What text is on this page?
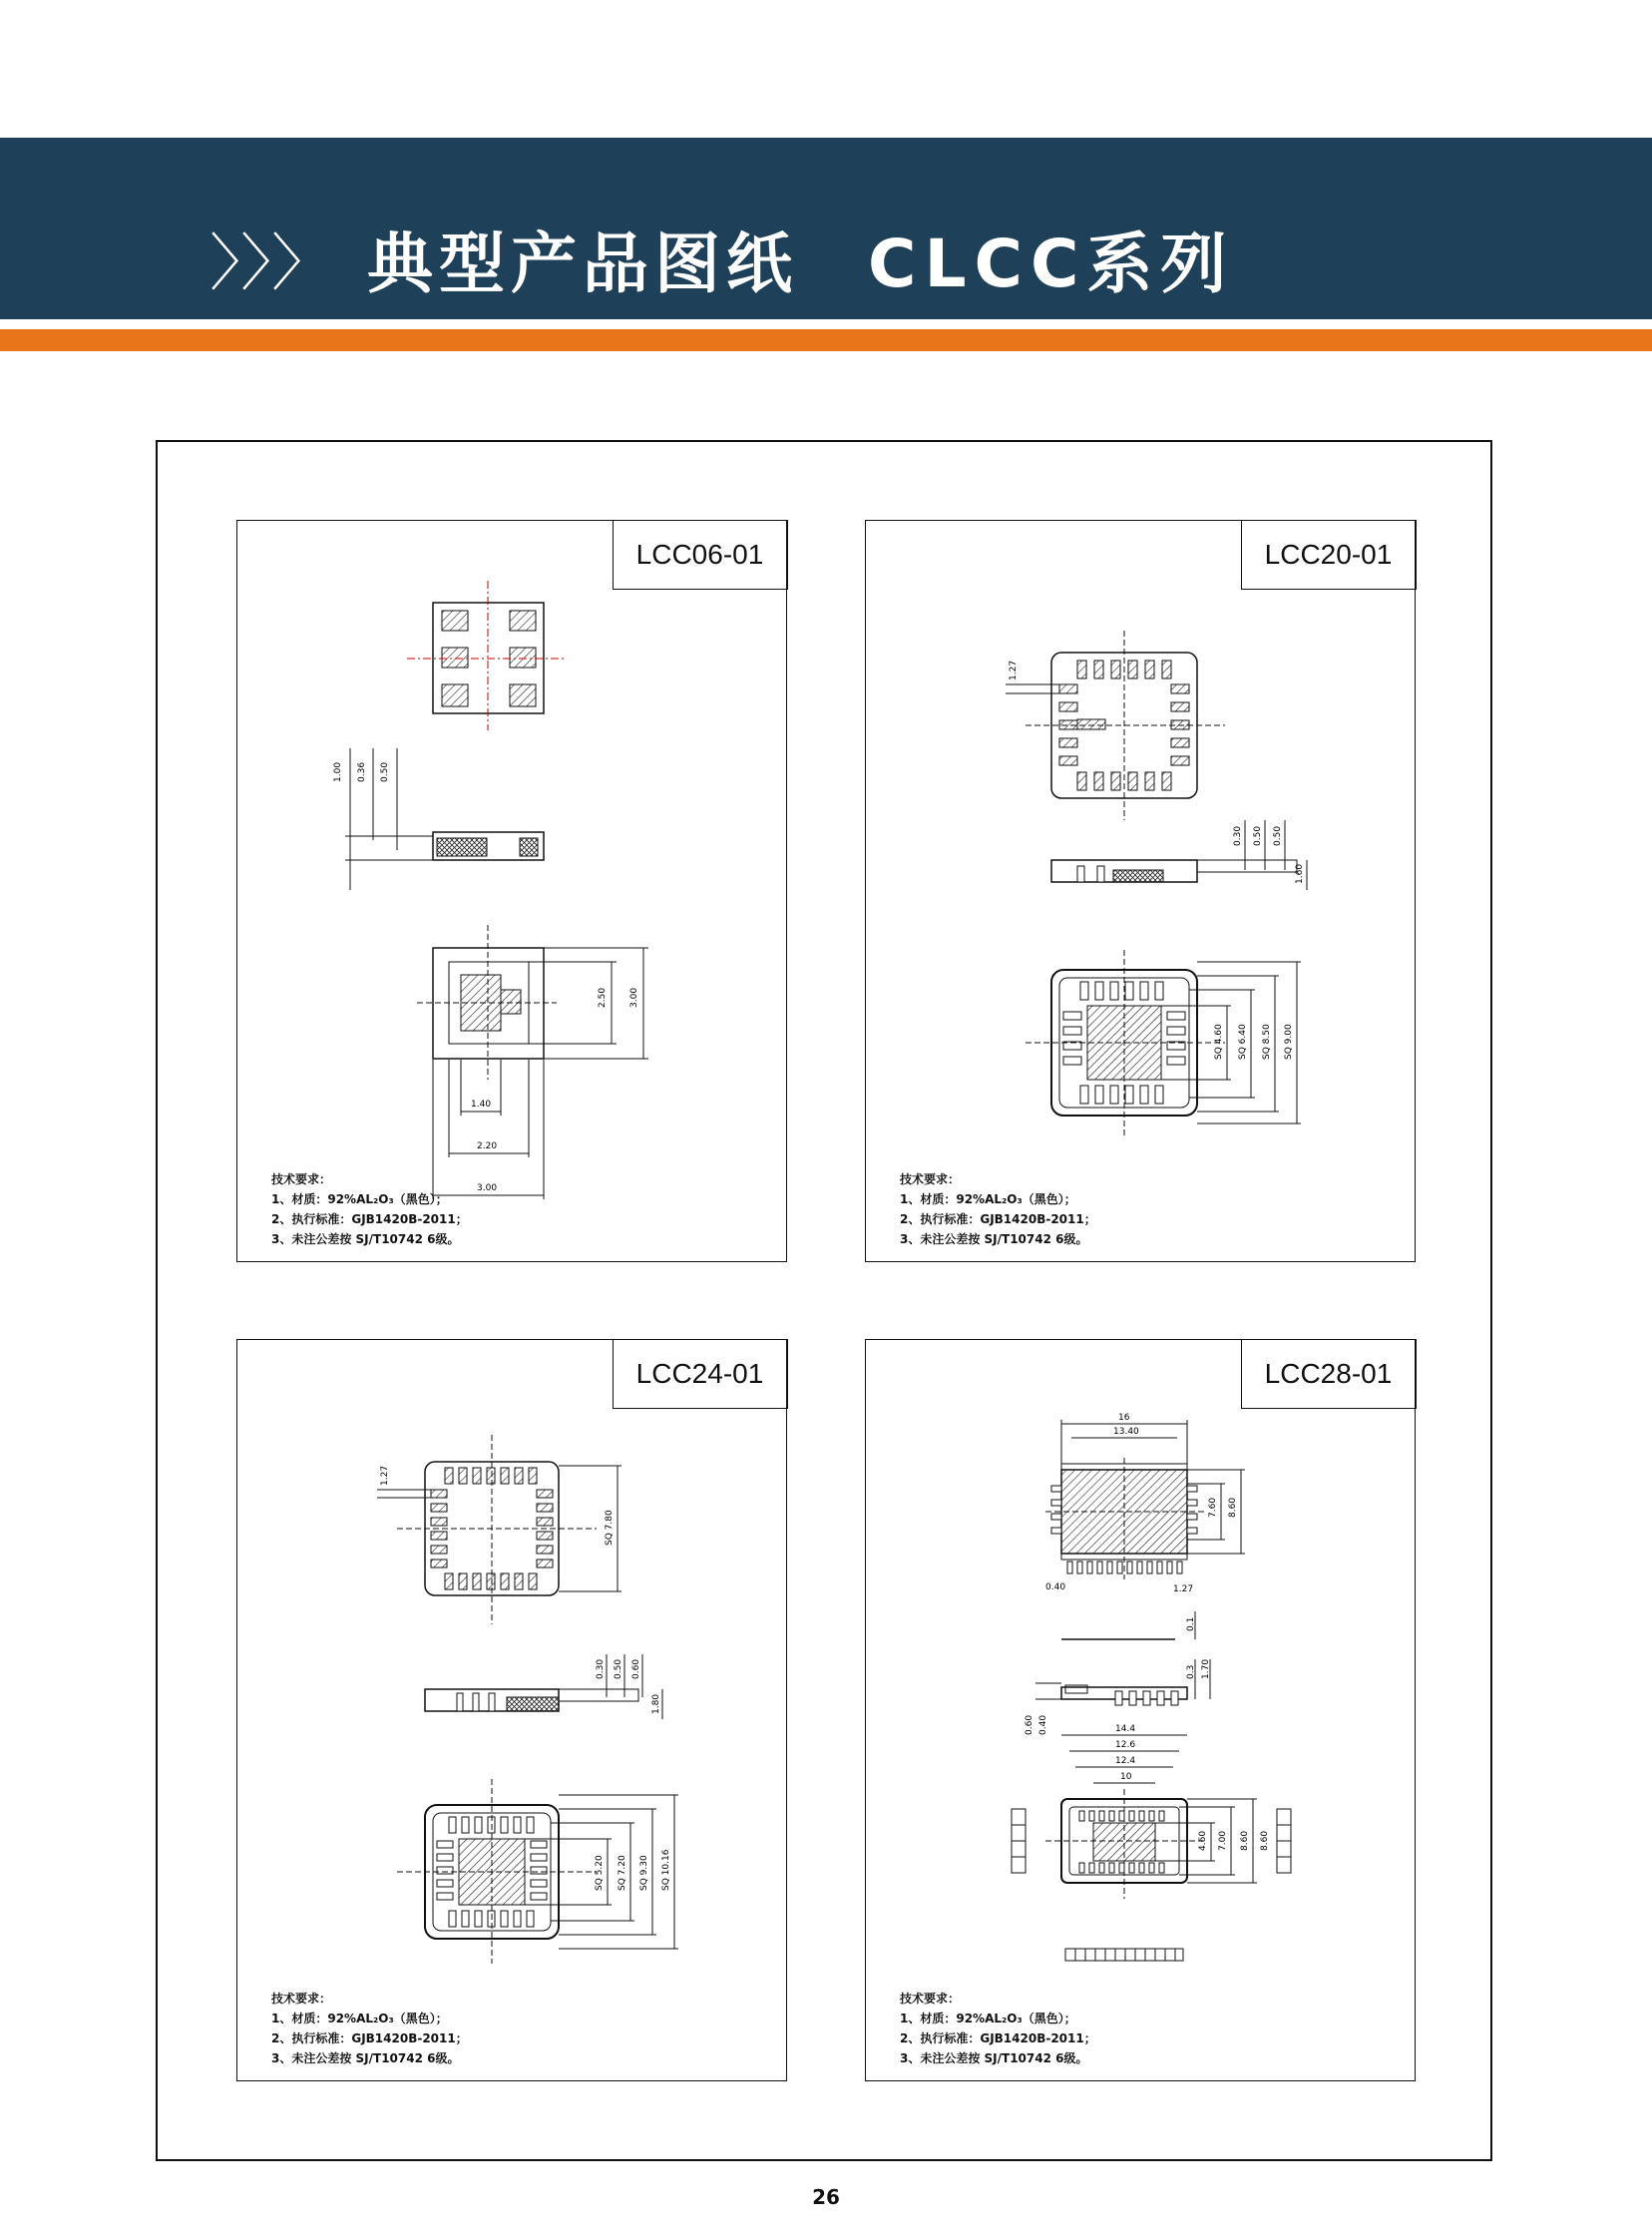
〉〉〉 典型产品图纸 CLCC系列
1.00 0.36 0.50
2.50 3.00
1.40
2.20
3.00
LCC06-01
技术要求：
1、材质：92%AL₂O₃（黑色）；
2、执行标准：GJB1420B-2011；
3、未注公差按 SJ/T10742 6级。
1.27
0.30 0.50 0.50
1.60
SQ 4.60 SQ 6.40 SQ 8.50 SQ 9.00
LCC20-01
技术要求：
1、材质：92%AL₂O₃（黑色）；
2、执行标准：GJB1420B-2011；
3、未注公差按 SJ/T10742 6级。
1.27
SQ 7.80
0.30 0.50 0.60
1.80
SQ 5.20 SQ 7.20 SQ 9.30 SQ 10.16
LCC24-01
技术要求：
1、材质：92%AL₂O₃（黑色）；
2、执行标准：GJB1420B-2011；
3、未注公差按 SJ/T10742 6级。
16
13.40
7.60 8.60
0.40	1.27
0.1
0.3 1.70
0.60 0.40	14.4
12.6
12.4
10
4.60 7.00 8.60 8.60
LCC28-01
技术要求：
1、材质：92%AL₂O₃（黑色）；
2、执行标准：GJB1420B-2011；
3、未注公差按 SJ/T10742 6级。
26
